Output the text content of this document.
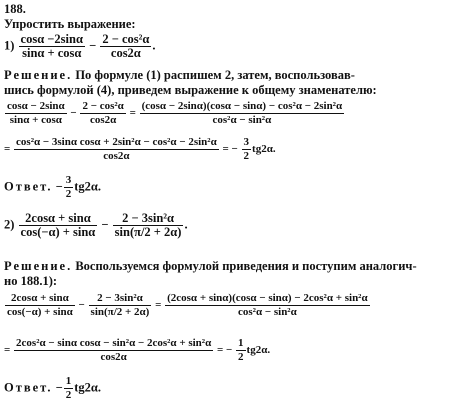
188.
Упростить выражение:
$1) \frac{\cos\alpha -2\sin\alpha}{\sin\alpha + \cos\alpha} - \frac{\text{2 − cos²α}}{\cos 2\alpha}$ .
Решение. По формуле (1) распишем 2, затем, воспользовав-
шись формулой (4), приведем выражение к общему знаменателю:
$\frac{\cos\alpha - 2\sin\alpha}{\sin\alpha + \cos\alpha} - \frac{\text{2 − cos²α}}{\cos 2\alpha} = \frac{\text{(cosα − 2sinα)(cosα − sinα) − cos²α − 2sin²α}}{\text{cos²α − sin²α}}$
= $\frac{\text{cos²α − 3sinα cosα + 2sin²α − cos²α − 2sin²α}}{\cos 2\alpha}$ = − $\frac{3}{2} tg2\alpha$.
Ответ. − $\frac{3}{2} tg2\alpha$.
$2) \frac{2\cos\alpha + \sin\alpha}{\cos(-\alpha) + \sin\alpha} - \frac{\text{2 − 3sin²α}}{\sin(\pi/2 + 2\alpha)}$ .
Решение. Воспользуемся формулой приведения и поступим аналогич-
но 188.1):
$\frac{2\cos\alpha + \sin\alpha}{\cos(-\alpha) + \sin\alpha} - \frac{\text{2 − 3sin²α}}{\sin(\pi/2 + 2\alpha)} = \frac{\text{(2cosα + sinα)(cosα − sinα) − 2cos²α + sin²α}}{\text{cos²α − sin²α}}$
= $\frac{\text{2cos²α − sinα cosα − sin²α − 2cos²α + sin²α}}{\cos 2\alpha}$ = − $\frac{1}{2} tg2\alpha$.
Ответ. − $\frac{1}{2} tg2\alpha$.
